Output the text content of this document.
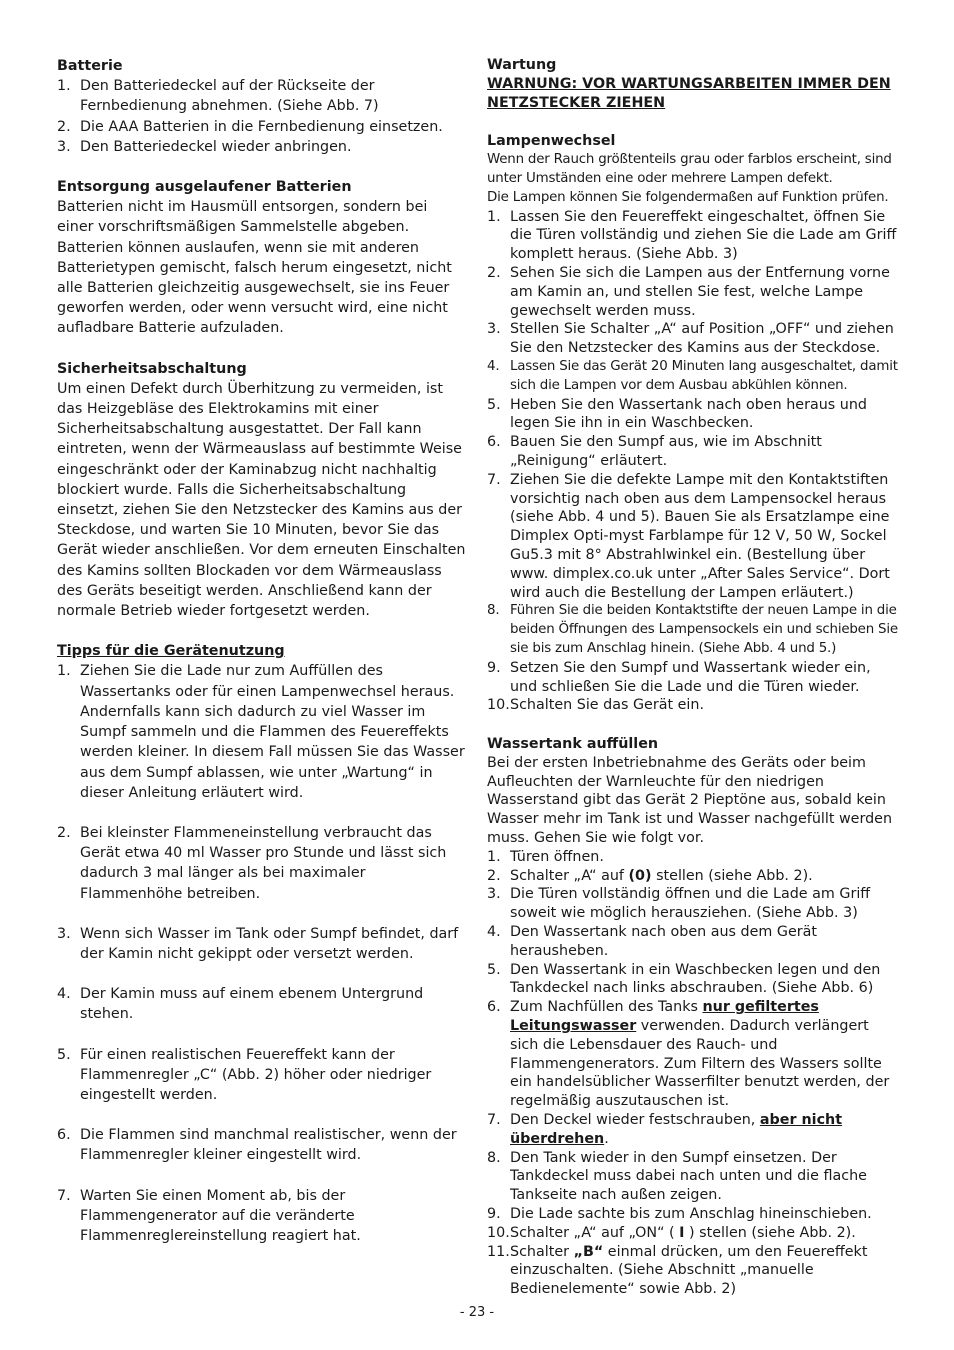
Batterie

1. Den Batteriedeckel auf der Rückseite der Fernbedienung abnehmen. (Siehe Abb. 7)
2. Die AAA Batterien in die Fernbedienung einsetzen.
3. Den Batteriedeckel wieder anbringen.

Entsorgung ausgelaufener Batterien

Batterien nicht im Hausmüll entsorgen, sondern bei einer vorschriftsmäßigen Sammelstelle abgeben.

Batterien können auslaufen, wenn sie mit anderen Batterietypen gemischt, falsch herum eingesetzt, nicht alle Batterien gleichzeitig ausgewechselt, sie ins Feuer geworfen werden, oder wenn versucht wird, eine nicht aufladbare Batterie aufzuladen.

Sicherheitsabschaltung

Um einen Defekt durch Überhitzung zu vermeiden, ist das Heizgebläse des Elektrokamins mit einer Sicherheitsabschaltung ausgestattet. Der Fall kann eintreten, wenn der Wärmeauslass auf bestimmte Weise eingeschränkt oder der Kaminabzug nicht nachhaltig blockiert wurde. Falls die Sicherheitsabschaltung einsetzt, ziehen Sie den Netzstecker des Kamins aus der Steckdose, und warten Sie 10 Minuten, bevor Sie das Gerät wieder anschließen. Vor dem erneuten Einschalten des Kamins sollten Blockaden vor dem Wärmeauslass des Geräts beseitigt werden. Anschließend kann der normale Betrieb wieder fortgesetzt werden.

Tipps für die Gerätenutzung

1. Ziehen Sie die Lade nur zum Auffüllen des Wassertanks oder für einen Lampenwechsel heraus. Andernfalls kann sich dadurch zu viel Wasser im Sumpf sammeln und die Flammen des Feuereffekts werden kleiner. In diesem Fall müssen Sie das Wasser aus dem Sumpf ablassen, wie unter „Wartung“ in dieser Anleitung erläutert wird.
2. Bei kleinster Flammeneinstellung verbraucht das Gerät etwa 40 ml Wasser pro Stunde und lässt sich dadurch 3 mal länger als bei maximaler Flammenhöhe betreiben.
3. Wenn sich Wasser im Tank oder Sumpf befindet, darf der Kamin nicht gekippt oder versetzt werden.
4. Der Kamin muss auf einem ebenem Untergrund stehen.
5. Für einen realistischen Feuereffekt kann der Flammenregler „C“ (Abb. 2) höher oder niedriger eingestellt werden.
6. Die Flammen sind manchmal realistischer, wenn der Flammenregler kleiner eingestellt wird.
7. Warten Sie einen Moment ab, bis der Flammengenerator auf die veränderte Flammenreglereinstellung reagiert hat.

Wartung

WARNUNG: VOR WARTUNGSARBEITEN IMMER DEN NETZSTECKER ZIEHEN

Lampenwechsel

Wenn der Rauch größtenteils grau oder farblos erscheint, sind unter Umständen eine oder mehrere Lampen defekt.

Die Lampen können Sie folgendermaßen auf Funktion prüfen.

1. Lassen Sie den Feuereffekt eingeschaltet, öffnen Sie die Türen vollständig und ziehen Sie die Lade am Griff komplett heraus. (Siehe Abb. 3)
2. Sehen Sie sich die Lampen aus der Entfernung vorne am Kamin an, und stellen Sie fest, welche Lampe gewechselt werden muss.
3. Stellen Sie Schalter „A“ auf Position „OFF“ und ziehen Sie den Netzstecker des Kamins aus der Steckdose.
4. Lassen Sie das Gerät 20 Minuten lang ausgeschaltet, damit sich die Lampen vor dem Ausbau abkühlen können.
5. Heben Sie den Wassertank nach oben heraus und legen Sie ihn in ein Waschbecken.
6. Bauen Sie den Sumpf aus, wie im Abschnitt „Reinigung“ erläutert.
7. Ziehen Sie die defekte Lampe mit den Kontaktstiften vorsichtig nach oben aus dem Lampensockel heraus (siehe Abb. 4 und 5). Bauen Sie als Ersatzlampe eine Dimplex Opti-myst Farblampe für 12 V, 50 W, Sockel Gu5.3 mit 8° Abstrahlwinkel ein. (Bestellung über www. dimplex.co.uk unter „After Sales Service“. Dort wird auch die Bestellung der Lampen erläutert.)
8. Führen Sie die beiden Kontaktstifte der neuen Lampe in die beiden Öffnungen des Lampensockels ein und schieben Sie sie bis zum Anschlag hinein. (Siehe Abb. 4 und 5.)
9. Setzen Sie den Sumpf und Wassertank wieder ein, und schließen Sie die Lade und die Türen wieder.
10. Schalten Sie das Gerät ein.

Wassertank auffüllen

Bei der ersten Inbetriebnahme des Geräts oder beim Aufleuchten der Warnleuchte für den niedrigen Wasserstand gibt das Gerät 2 Pieptöne aus, sobald kein Wasser mehr im Tank ist und Wasser nachgefüllt werden muss. Gehen Sie wie folgt vor.

1. Türen öffnen.
2. Schalter „A“ auf (0) stellen (siehe Abb. 2).
3. Die Türen vollständig öffnen und die Lade am Griff soweit wie möglich herausziehen. (Siehe Abb. 3)
4. Den Wassertank nach oben aus dem Gerät herausheben.
5. Den Wassertank in ein Waschbecken legen und den Tankdeckel nach links abschrauben. (Siehe Abb. 6)
6. Zum Nachfüllen des Tanks nur gefiltertes Leitungswasser verwenden. Dadurch verlängert sich die Lebensdauer des Rauch- und Flammengenerators. Zum Filtern des Wassers sollte ein handelsüblicher Wasserfilter benutzt werden, der regelmäßig auszutauschen ist.
7. Den Deckel wieder festschrauben, aber nicht überdrehen.
8. Den Tank wieder in den Sumpf einsetzen. Der Tankdeckel muss dabei nach unten und die flache Tankseite nach außen zeigen.
9. Die Lade sachte bis zum Anschlag hineinschieben.
10. Schalter „A“ auf „ON“ ( I ) stellen (siehe Abb. 2).
11. Schalter „B“ einmal drücken, um den Feuereffekt einzuschalten. (Siehe Abschnitt „manuelle Bedienelemente“ sowie Abb. 2)
- 23 -
